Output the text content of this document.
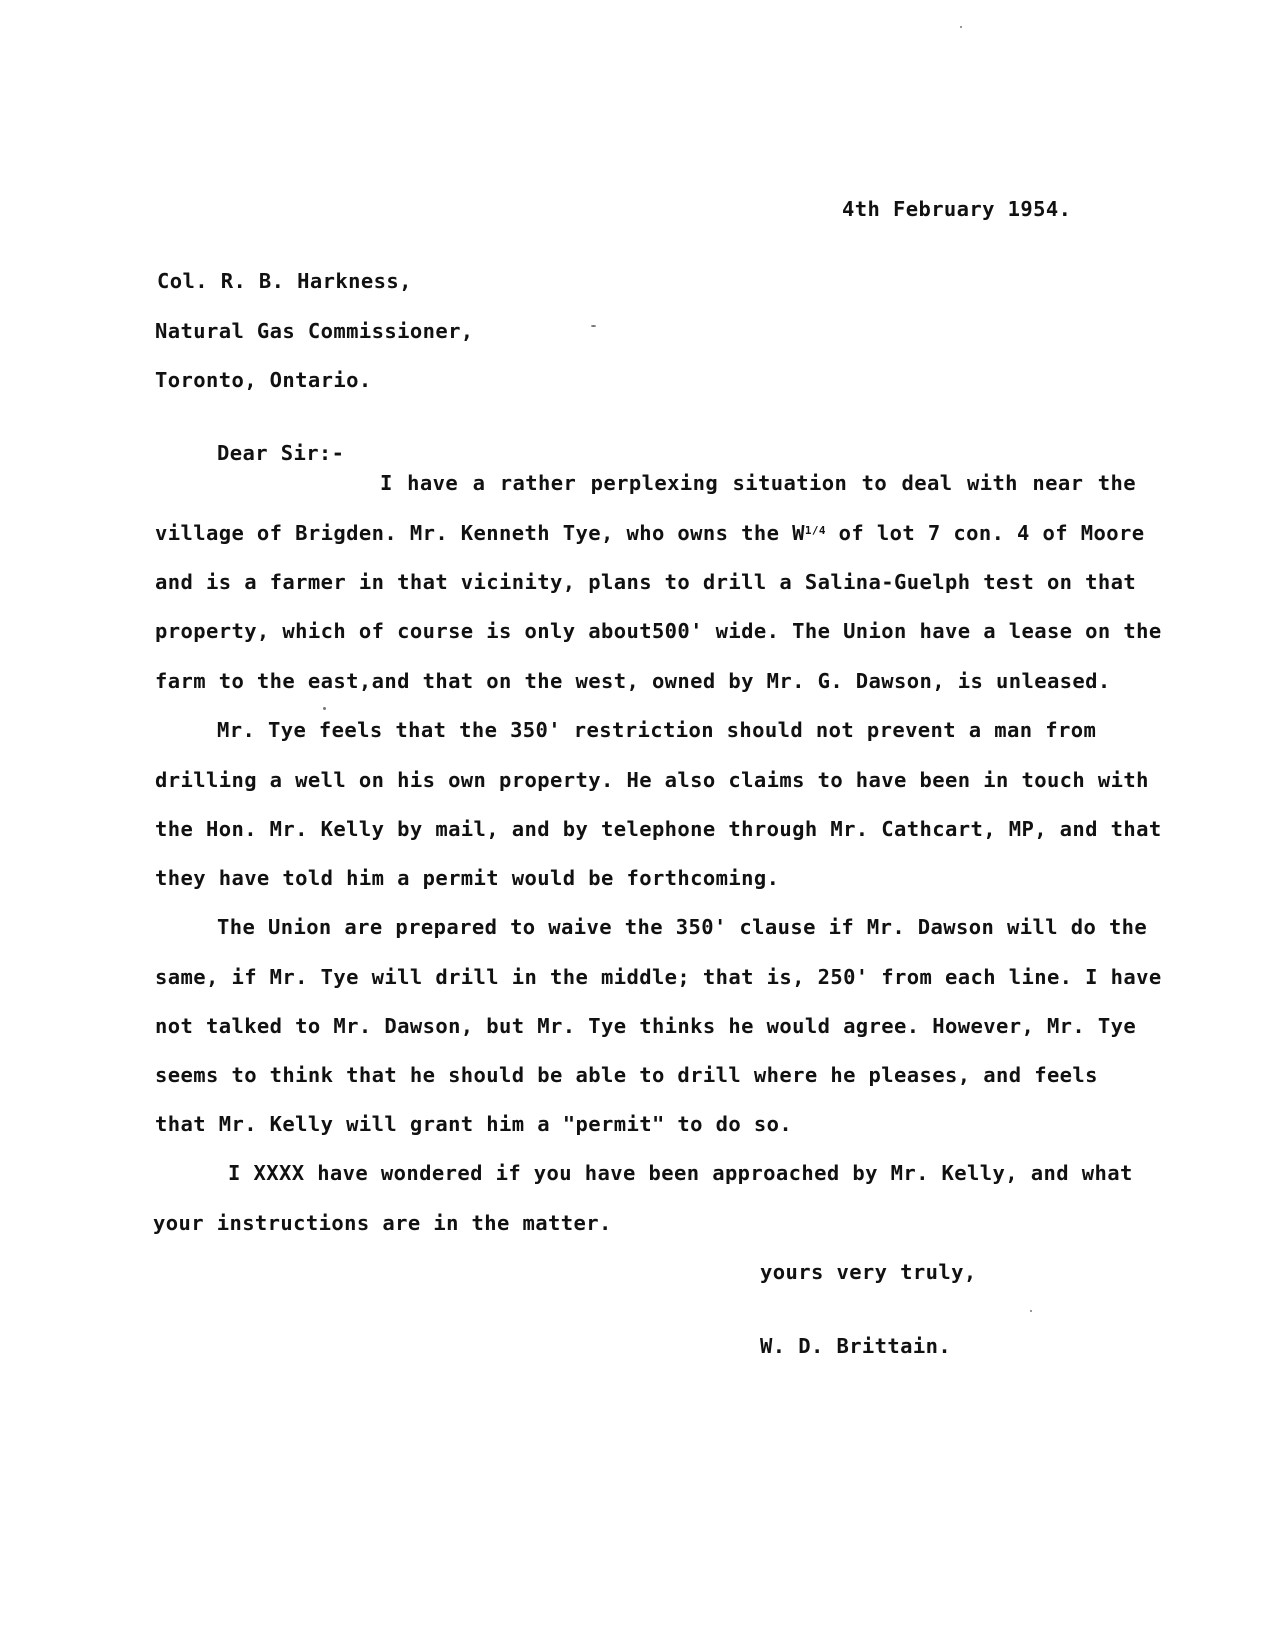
4th February 1954.
Col. R. B. Harkness,
Natural Gas Commissioner,
Toronto, Ontario.
Dear Sir:-
I have a rather perplexing situation to deal with near the
village of Brigden. Mr. Kenneth Tye, who owns the $W^{1/4}$ of lot 7 con. 4 of Moore
and is a farmer in that vicinity, plans to drill a Salina-Guelph test on that
property, which of course is only about500' wide. The Union have a lease on the
farm to the east,and that on the west, owned by Mr. G. Dawson, is unleased.
Mr. Tye feels that the 350' restriction should not prevent a man from
drilling a well on his own property. He also claims to have been in touch with
the Hon. Mr. Kelly by mail, and by telephone through Mr. Cathcart, MP, and that
they have told him a permit would be forthcoming.
The Union are prepared to waive the 350' clause if Mr. Dawson will do the
same, if Mr. Tye will drill in the middle; that is, 250' from each line. I have
not talked to Mr. Dawson, but Mr. Tye thinks he would agree. However, Mr. Tye
seems to think that he should be able to drill where he pleases, and feels
that Mr. Kelly will grant him a "permit" to do so.
I XXXX have wondered if you have been approached by Mr. Kelly, and what
your instructions are in the matter.
yours very truly,
W. D. Brittain.
